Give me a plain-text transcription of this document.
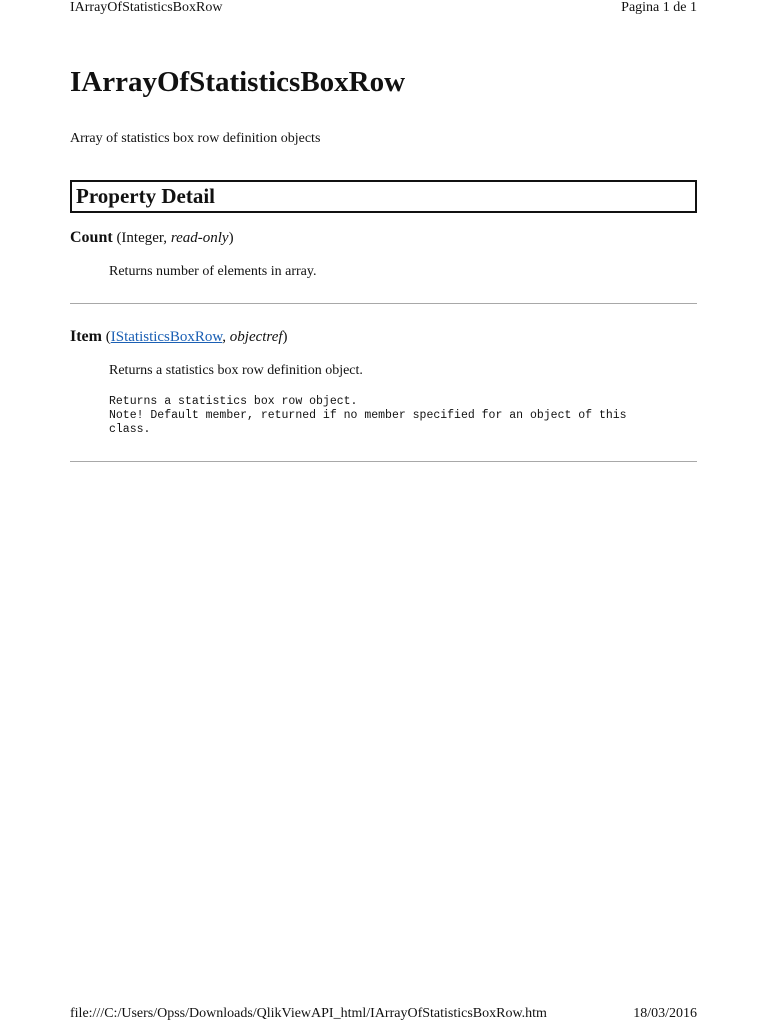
IArrayOfStatisticsBoxRow	Pagina 1 de 1
IArrayOfStatisticsBoxRow
Array of statistics box row definition objects
Property Detail
Count (Integer, read-only)
Returns number of elements in array.
Item (IStatisticsBoxRow, objectref)
Returns a statistics box row definition object.
Returns a statistics box row object.
Note! Default member, returned if no member specified for an object of this
class.
file:///C:/Users/Opss/Downloads/QlikViewAPI_html/IArrayOfStatisticsBoxRow.htm	18/03/2016
